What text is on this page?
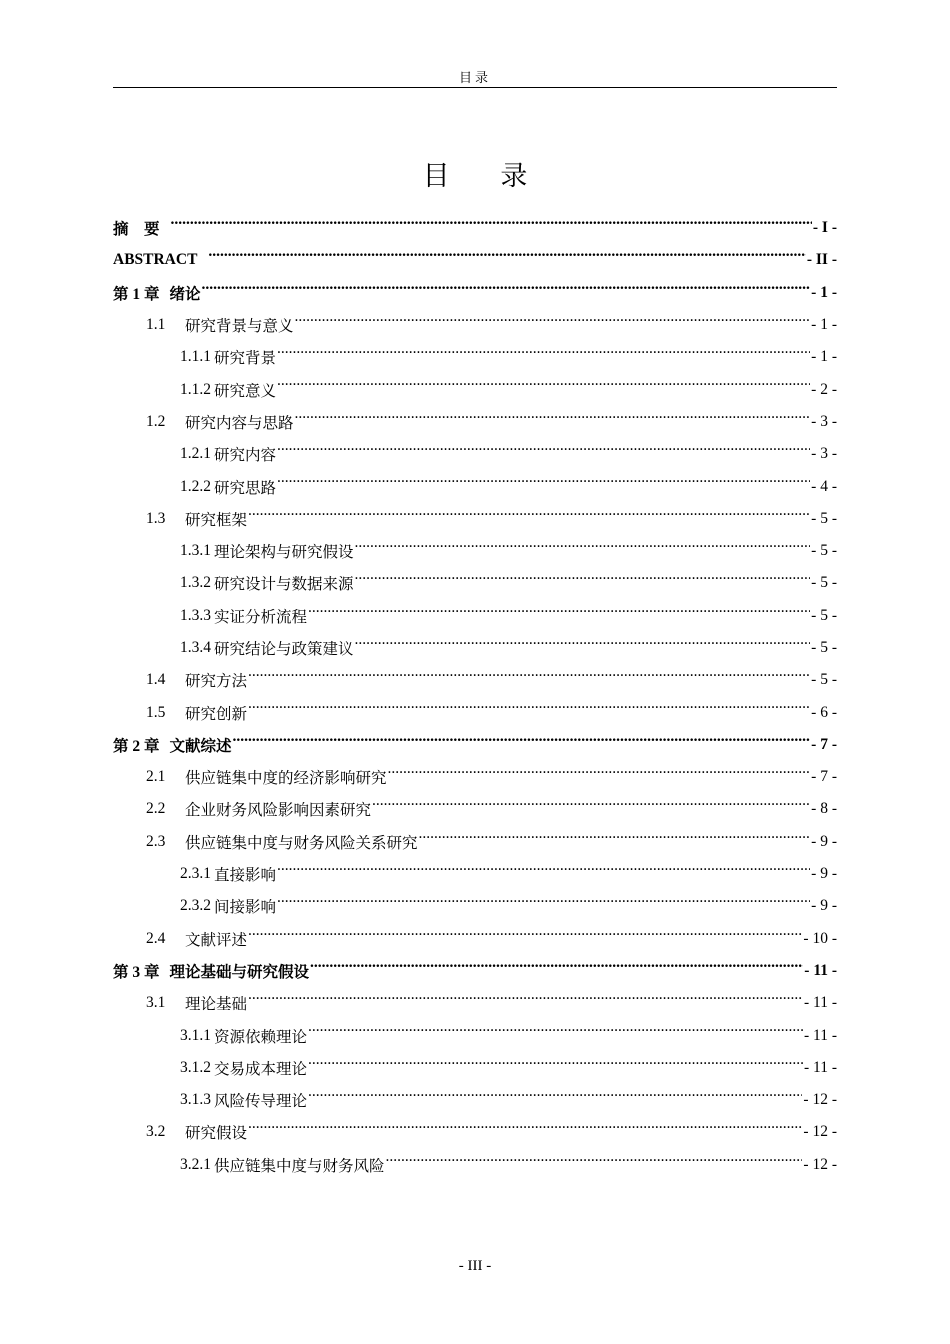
目录
目 录
摘　要 .....	- I -
ABSTRACT .....	- II -
第 1 章 绪论 .....	- 1 -
1.1	研究背景与意义 .....	- 1 -
1.1.1 研究背景 .....	- 1 -
1.1.2 研究意义 .....	- 2 -
1.2	研究内容与思路 .....	- 3 -
1.2.1 研究内容 .....	- 3 -
1.2.2 研究思路 .....	- 4 -
1.3	研究框架 .....	- 5 -
1.3.1 理论架构与研究假设 .....	- 5 -
1.3.2 研究设计与数据来源 .....	- 5 -
1.3.3 实证分析流程 .....	- 5 -
1.3.4 研究结论与政策建议 .....	- 5 -
1.4	研究方法 .....	- 5 -
1.5	研究创新 .....	- 6 -
第 2 章 文献综述 .....	- 7 -
2.1	供应链集中度的经济影响研究 .....	- 7 -
2.2	企业财务风险影响因素研究 .....	- 8 -
2.3	供应链集中度与财务风险关系研究 .....	- 9 -
2.3.1 直接影响 .....	- 9 -
2.3.2 间接影响 .....	- 9 -
2.4	文献评述 .....	- 10 -
第 3 章 理论基础与研究假设 .....	- 11 -
3.1	理论基础 .....	- 11 -
3.1.1 资源依赖理论 .....	- 11 -
3.1.2 交易成本理论 .....	- 11 -
3.1.3 风险传导理论 .....	- 12 -
3.2	研究假设 .....	- 12 -
3.2.1 供应链集中度与财务风险 .....	- 12 -
- III -
